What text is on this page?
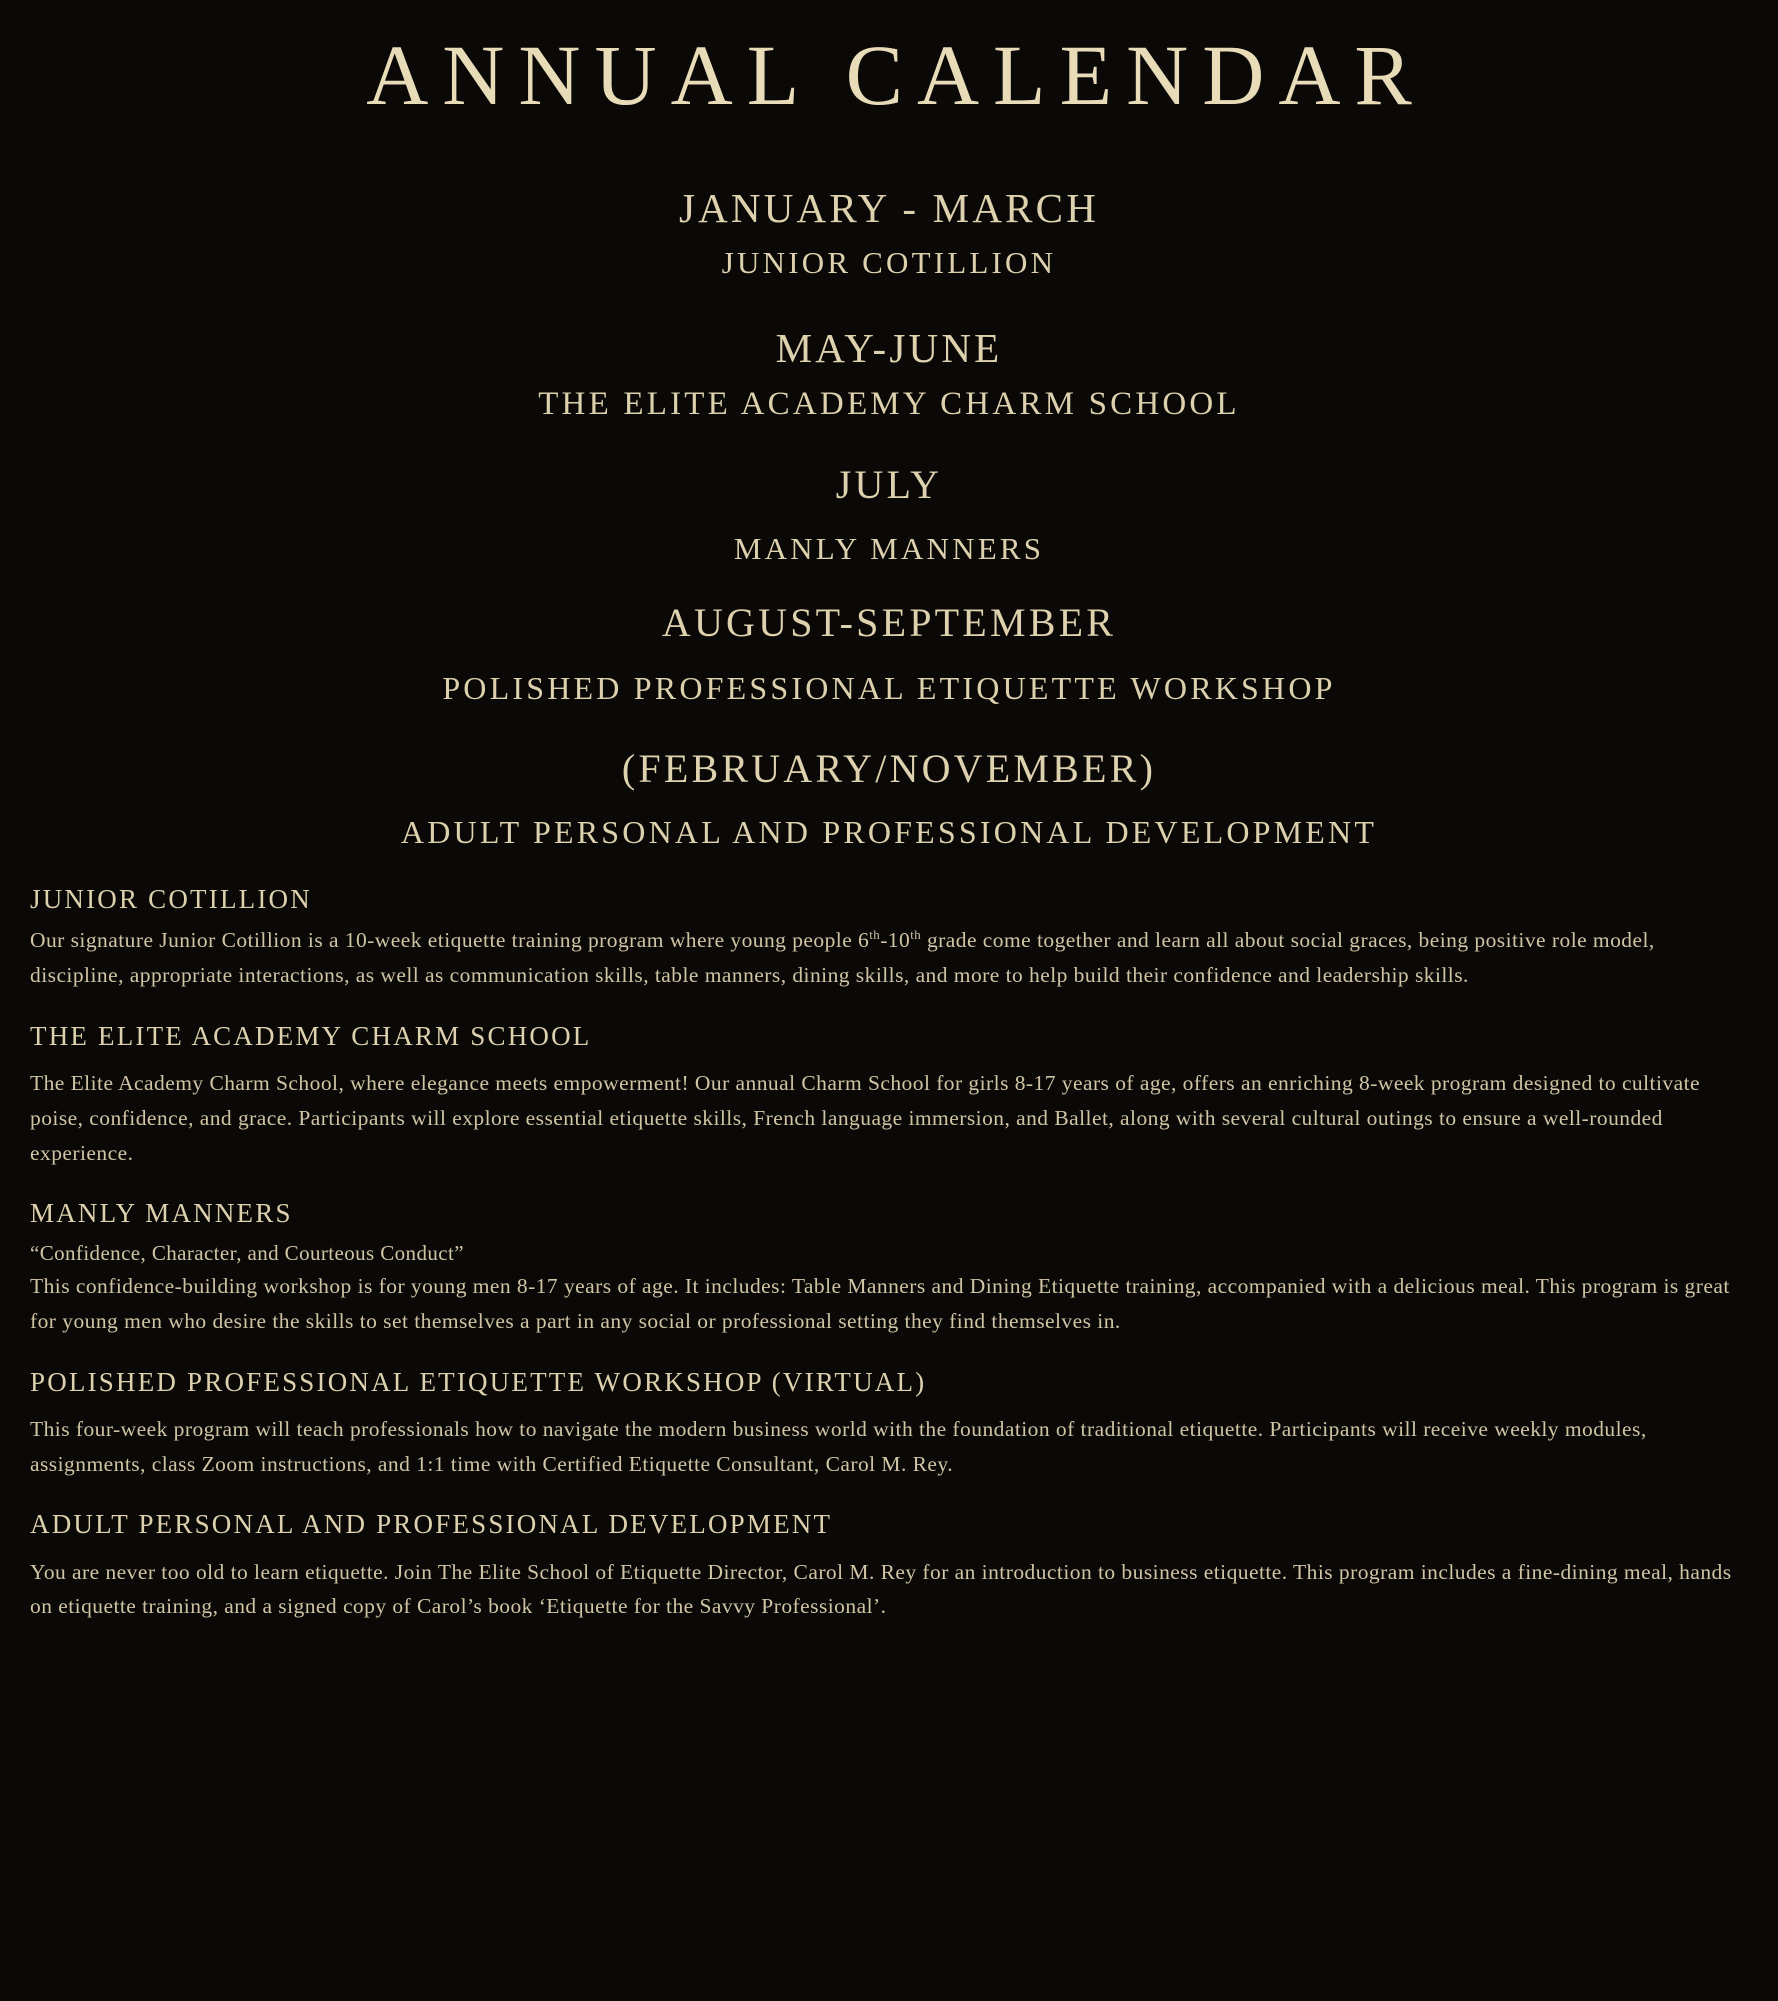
ANNUAL CALENDAR
JANUARY - MARCH
JUNIOR COTILLION
MAY-JUNE
THE ELITE ACADEMY CHARM SCHOOL
JULY
MANLY MANNERS
AUGUST-SEPTEMBER
POLISHED PROFESSIONAL ETIQUETTE WORKSHOP
(FEBRUARY/NOVEMBER)
ADULT PERSONAL AND PROFESSIONAL DEVELOPMENT
JUNIOR COTILLION
Our signature Junior Cotillion is a 10-week etiquette training program where young people 6th-10th grade come together and learn all about social graces, being positive role model, discipline, appropriate interactions, as well as communication skills, table manners, dining skills, and more to help build their confidence and leadership skills.
THE ELITE ACADEMY CHARM SCHOOL
The Elite Academy Charm School, where elegance meets empowerment! Our annual Charm School for girls 8-17 years of age, offers an enriching 8-week program designed to cultivate poise, confidence, and grace. Participants will explore essential etiquette skills, French language immersion, and Ballet, along with several cultural outings to ensure a well-rounded experience.
MANLY MANNERS
“Confidence, Character, and Courteous Conduct”
This confidence-building workshop is for young men 8-17 years of age. It includes: Table Manners and Dining Etiquette training, accompanied with a delicious meal. This program is great for young men who desire the skills to set themselves a part in any social or professional setting they find themselves in.
POLISHED PROFESSIONAL ETIQUETTE WORKSHOP (VIRTUAL)
This four-week program will teach professionals how to navigate the modern business world with the foundation of traditional etiquette. Participants will receive weekly modules, assignments, class Zoom instructions, and 1:1 time with Certified Etiquette Consultant, Carol M. Rey.
ADULT PERSONAL AND PROFESSIONAL DEVELOPMENT
You are never too old to learn etiquette. Join The Elite School of Etiquette Director, Carol M. Rey for an introduction to business etiquette. This program includes a fine-dining meal, hands on etiquette training, and a signed copy of Carol’s book ‘Etiquette for the Savvy Professional’.
